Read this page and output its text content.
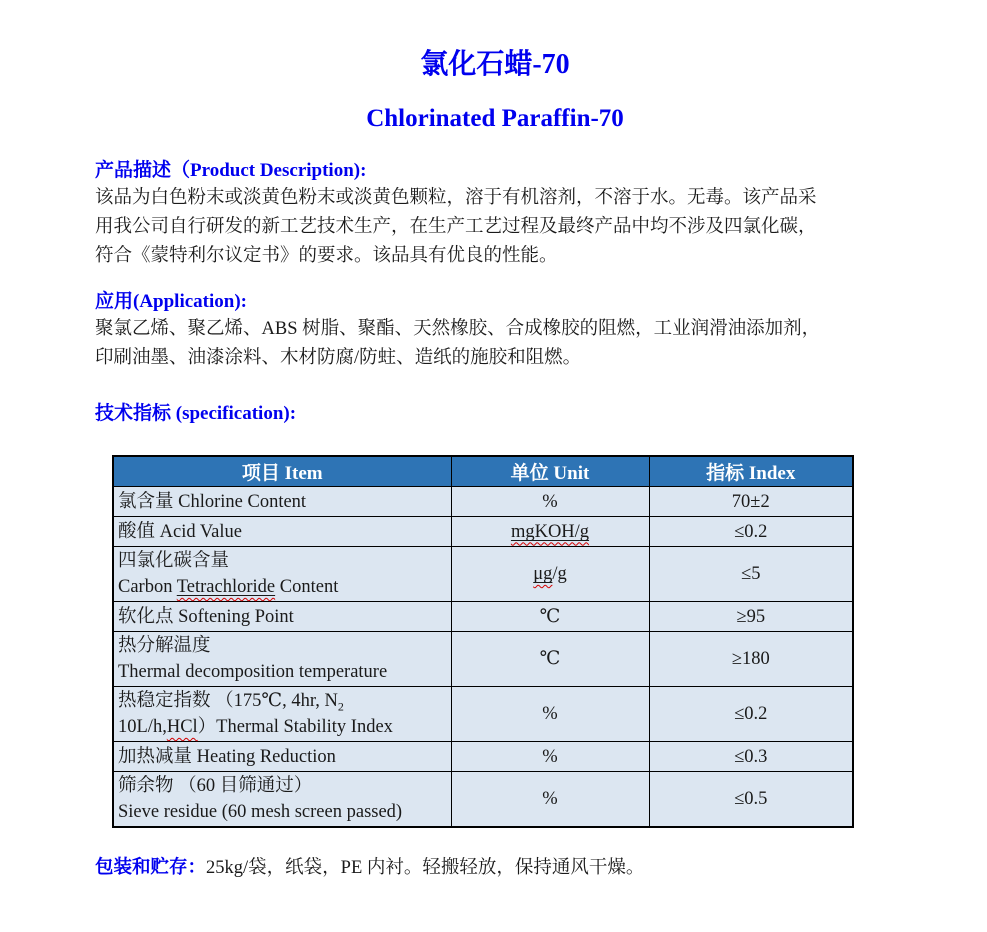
氯化石蜡-70
Chlorinated Paraffin-70
产品描述（Product Description):
该品为白色粉末或淡黄色粉末或淡黄色颗粒，溶于有机溶剂，不溶于水。无毒。该产品采
用我公司自行研发的新工艺技术生产，在生产工艺过程及最终产品中均不涉及四氯化碳，
符合《蒙特利尔议定书》的要求。该品具有优良的性能。
应用(Application):
聚氯乙烯、聚乙烯、ABS 树脂、聚酯、天然橡胶、合成橡胶的阻燃，工业润滑油添加剂，
印刷油墨、油漆涂料、木材防腐/防蛀、造纸的施胶和阻燃。
技术指标 (specification):
项目 Item	单位 Unit	指标 Index
氯含量 Chlorine Content	%	70±2
酸值 Acid Value	mgKOH/g	≤0.2

四氯化碳含量
Carbon Tetrachloride Content	μg/g	≤5
软化点 Softening Point	℃	≥95

热分解温度
Thermal decomposition temperature	℃	≥180

热稳定指数 （175℃, 4hr, $N_2$
10L/h,HCl）Thermal Stability Index	%	≤0.2
加热减量 Heating Reduction	%	≤0.3

筛余物 （60 目筛通过）
Sieve residue (60 mesh screen passed)	%	≤0.5

包装和贮存：25kg/袋，纸袋，PE 内衬。轻搬轻放，保持通风干燥。
